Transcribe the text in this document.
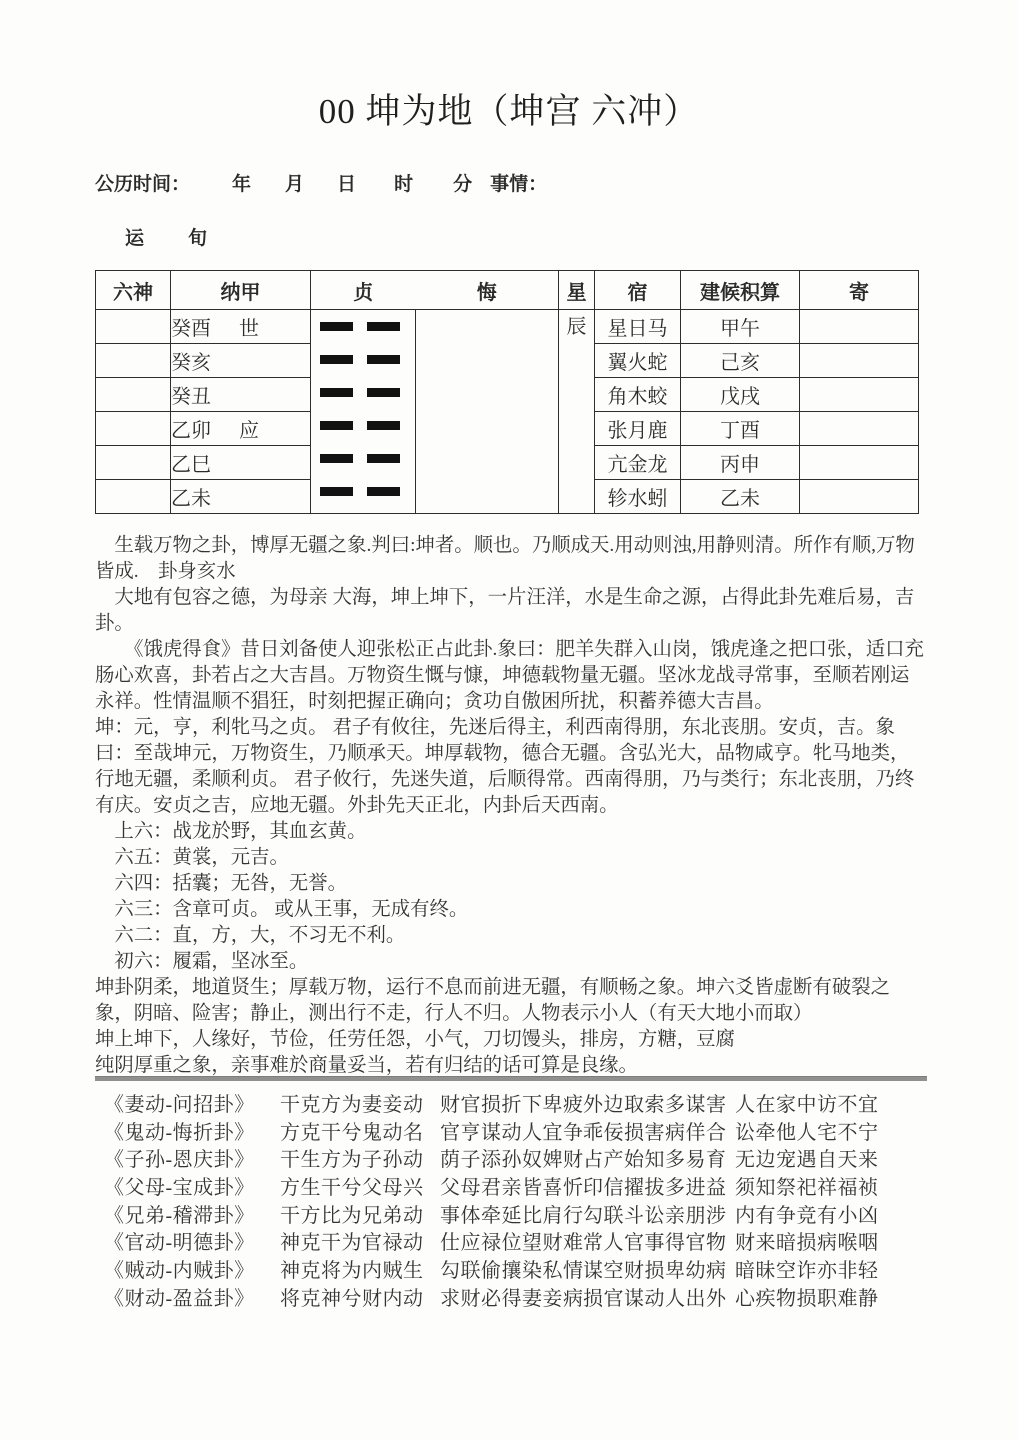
00 坤为地（坤宫 六冲）
公历时间： 年 月 日 时 分 事情：
运 旬
六神	纳甲	贞 悔		星	宿	建候积算	寄
	癸酉 世			辰	星日马	甲午	
	癸亥				翼火蛇	己亥	
	癸丑				角木蛟	戊戌	
	乙卯 应				张月鹿	丁酉	
	乙巳				亢金龙	丙申	
	乙未				轸水蚓	乙未	

　生载万物之卦，博厚无疆之象.判曰:坤者。顺也。乃顺成天.用动则浊,用静则清。所作有顺,万物皆成.　卦身亥水

　大地有包容之德，为母亲 大海，坤上坤下，一片汪洋，水是生命之源，占得此卦先难后易，吉卦。

　　《饿虎得食》昔日刘备使人迎张松正占此卦.象曰：肥羊失群入山岗，饿虎逢之把口张，适口充肠心欢喜，卦若占之大吉昌。万物资生慨与慷，坤德载物量无疆。坚冰龙战寻常事，至顺若刚运永祥。性情温顺不猖狂，时刻把握正确向；贪功自傲困所扰，积蓄养德大吉昌。

坤：元，亨，利牝马之贞。 君子有攸往，先迷后得主，利西南得朋，东北丧朋。安贞，吉。象曰：至哉坤元，万物资生，乃顺承天。坤厚载物，德合无疆。含弘光大，品物咸亨。牝马地类，行地无疆，柔顺利贞。 君子攸行，先迷失道，后顺得常。西南得朋，乃与类行；东北丧朋，乃终有庆。安贞之吉，应地无疆。外卦先天正北，内卦后天西南。

　上六：战龙於野，其血玄黄。

　六五：黄裳，元吉。

　六四：括囊；无咎，无誉。

　六三：含章可贞。 或从王事，无成有终。

　六二：直，方，大，不习无不利。

　初六：履霜，坚冰至。

坤卦阴柔，地道贤生；厚载万物，运行不息而前进无疆，有顺畅之象。坤六爻皆虚断有破裂之象，阴暗、险害；静止，测出行不走，行人不归。人物表示小人（有天大地小而取）

坤上坤下，人缘好，节俭，任劳任怨，小气，刀切馒头，排房，方糖，豆腐

纯阴厚重之象，亲事难於商量妥当，若有归结的话可算是良缘。

《妻动-问招卦》	干克方为妻妾动 财官损折下卑疲 外边取索多谋害 人在家中访不宜
《鬼动-悔折卦》	方克干兮鬼动名 官亨谋动人宜争 乖佞损害病佯合 讼牵他人宅不宁
《子孙-恩庆卦》	干生方为子孙动 荫子添孙奴婢财 占产始知多易育 无边宠遇自天来
《父母-宝成卦》	方生干兮父母兴 父母君亲皆喜忻 印信擢拔多进益 须知祭祀祥福祯
《兄弟-稽滞卦》	干方比为兄弟动 事体牵延比肩行 勾联斗讼亲朋涉 内有争竞有小凶
《官动-明德卦》	神克干为官禄动 仕应禄位望财难 常人官事得官物 财来暗损病喉咽
《贼动-内贼卦》	神克将为内贼生 勾联偷攘染私情 谋空财损卑幼病 暗昧空诈亦非轻
《财动-盈益卦》	将克神兮财内动 求财必得妻妾病 损官谋动人出外 心疾物损职难静
